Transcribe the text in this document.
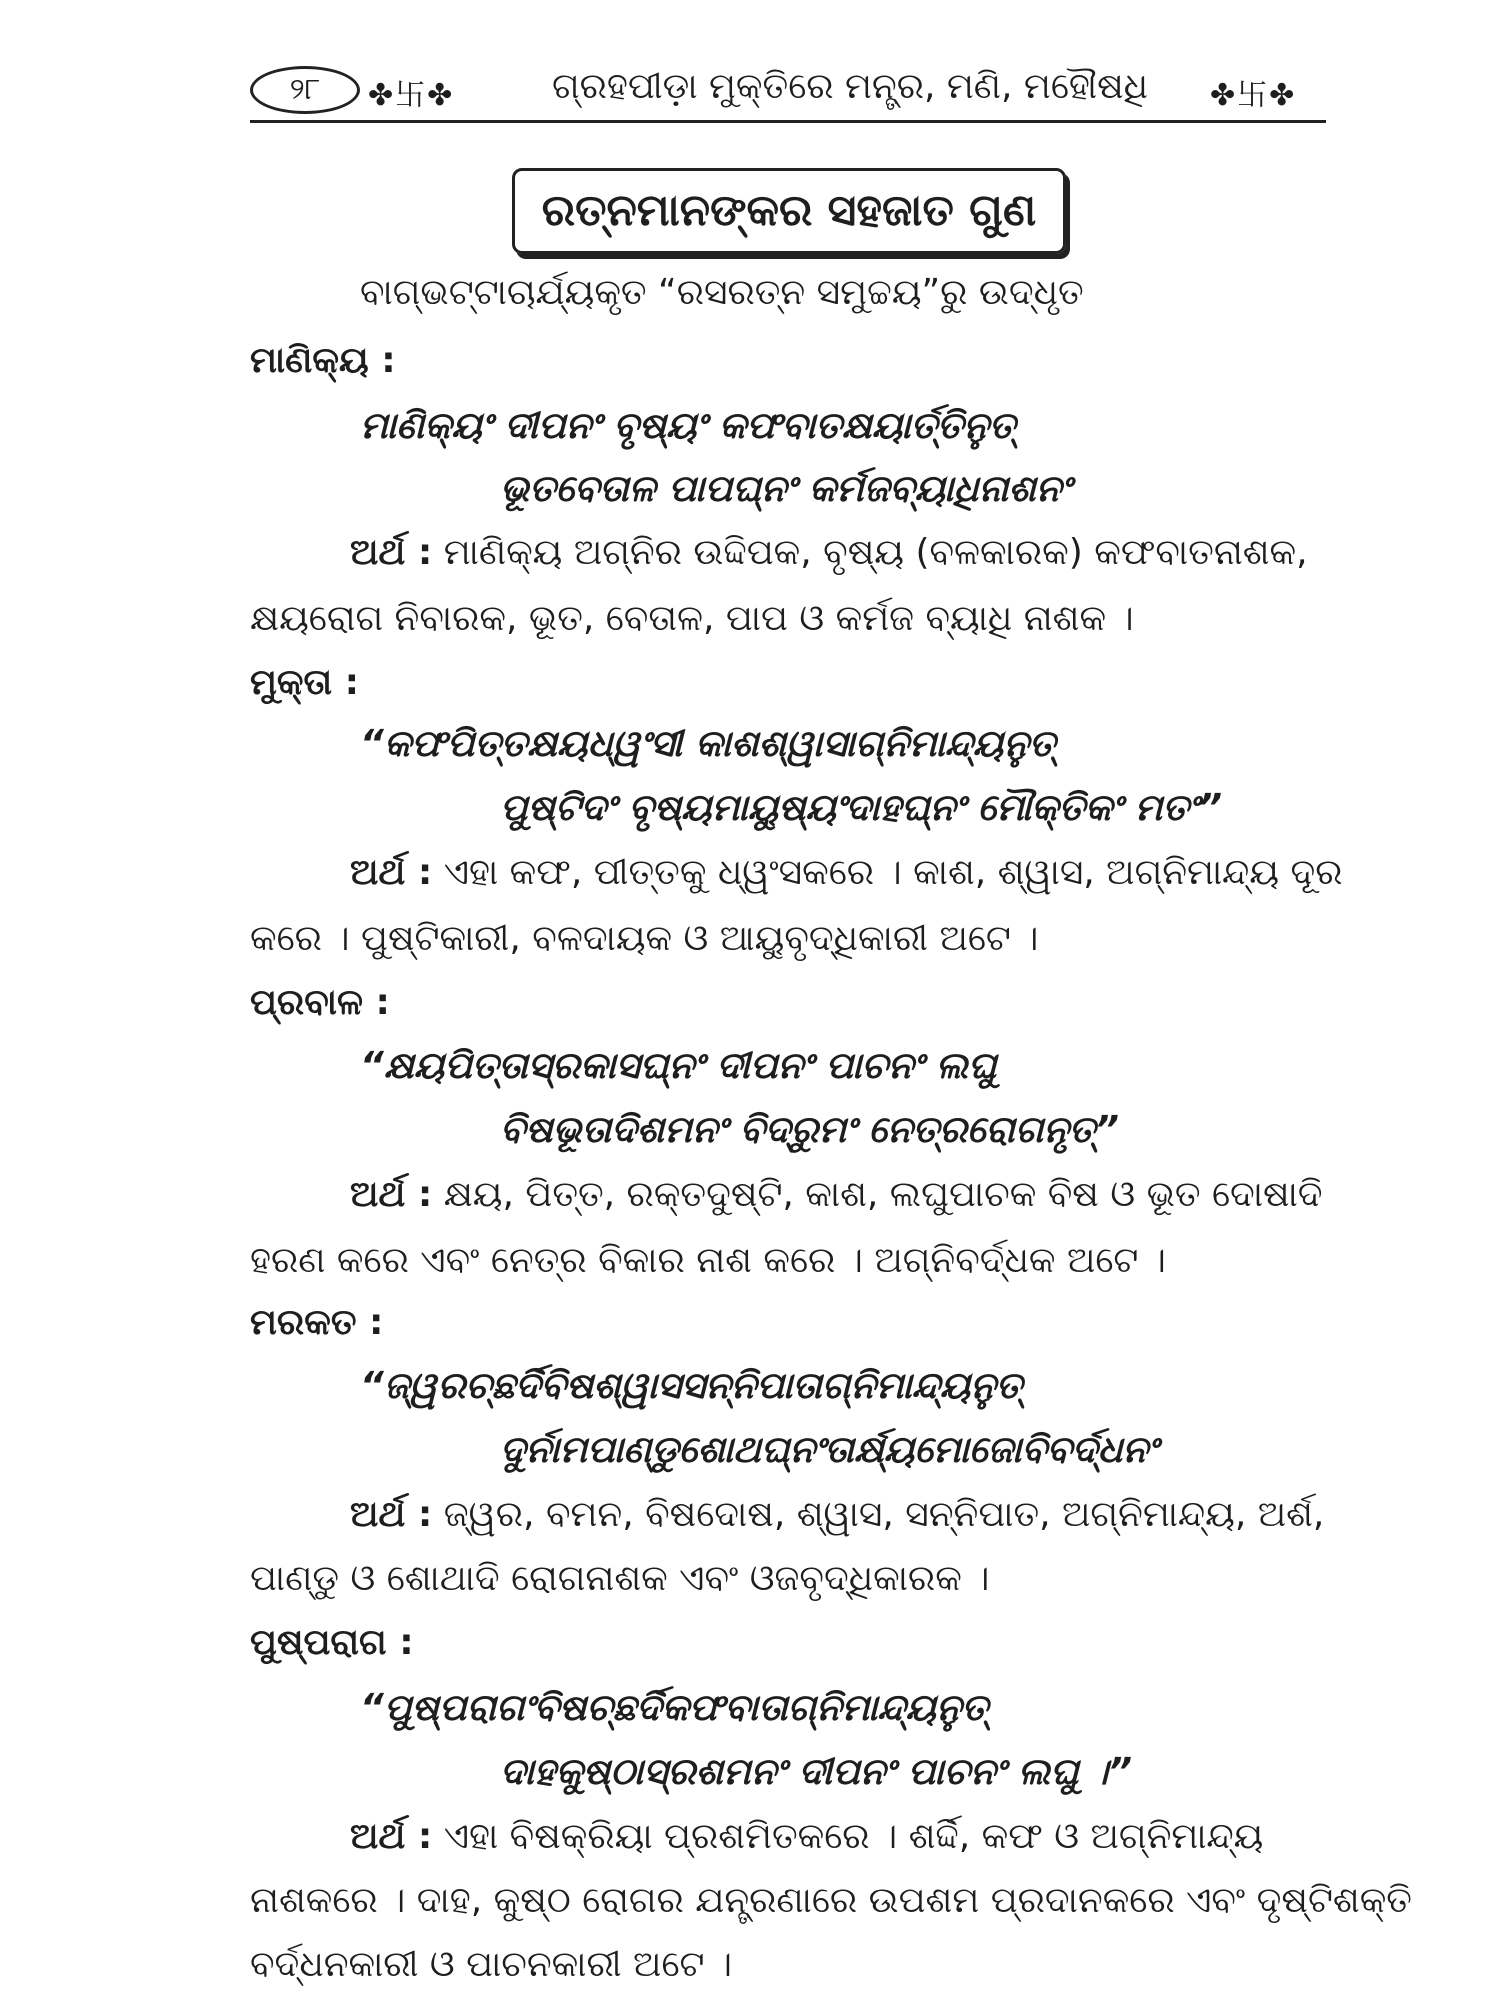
୨୮	✤卐✤	ଗ୍ରହପୀଡ଼ା ମୁକ୍ତିରେ ମନ୍ତ୍ର, ମଣି, ମହୌଷଧି	✤卐✤
ରତ୍ନମାନଙ୍କର ସହଜାତ ଗୁଣ
ବାଗ୍‌ଭଟ୍ଟାଚାର୍ଯ୍ୟକୃତ “ରସରତ୍ନ ସମୁଚ୍ଚୟ”ରୁ ଉଦ୍ଧୃତ
ମାଣିକ୍ୟ :
ମାଣିକ୍ୟଂ ଦୀପନଂ ବୃଷ୍ୟଂ କଫବାତକ୍ଷୟାର୍ତ୍ତିନୁତ୍
ଭୂତବେତାଳ ପାପଘ୍ନଂ କର୍ମଜବ୍ୟାଧିନାଶନଂ
ଅର୍ଥ : ମାଣିକ୍ୟ ଅଗ୍ନିର ଉଦ୍ଦିପକ, ବୃଷ୍ୟ (ବଳକାରକ) କଫବାତନାଶକ,
କ୍ଷୟରୋଗ ନିବାରକ, ଭୂତ, ବେତାଳ, ପାପ ଓ କର୍ମଜ ବ୍ୟାଧି ନାଶକ ।
ମୁକ୍ତା :
“କଫପିତ୍ତକ୍ଷୟଧ୍ୱଂସୀ କାଶଶ୍ୱାସାଗ୍ନିମାନ୍ଦ୍ୟନୁତ୍
ପୁଷ୍ଟିଦଂ ବୃଷ୍ୟମାୟୁଷ୍ୟଂଦାହଘ୍ନଂ ମୌକ୍ତିକଂ ମତଂ”
ଅର୍ଥ : ଏହା କଫ, ପୀତ୍ତକୁ ଧ୍ୱଂସକରେ । କାଶ, ଶ୍ୱାସ, ଅଗ୍ନିମାନ୍ଦ୍ୟ ଦୂର
କରେ । ପୁଷ୍ଟିକାରୀ, ବଳଦାୟକ ଓ ଆୟୁବୃଦ୍ଧିକାରୀ ଅଟେ ।
ପ୍ରବାଳ :
“କ୍ଷୟପିତ୍ତାସ୍ରକାସଘ୍ନଂ ଦୀପନଂ ପାଚନଂ ଲଘୁ
ବିଷଭୂତାଦିଶମନଂ ବିଦ୍ରୁମଂ ନେତ୍ରରୋଗନୃତ୍”
ଅର୍ଥ : କ୍ଷୟ, ପିତ୍ତ, ରକ୍ତଦୁଷ୍ଟି, କାଶ, ଲଘୁପାଚକ ବିଷ ଓ ଭୂତ ଦୋଷାଦି
ହରଣ କରେ ଏବଂ ନେତ୍ର ବିକାର ନାଶ କରେ । ଅଗ୍ନିବର୍ଦ୍ଧକ ଅଟେ ।
ମରକତ :
“ଜ୍ୱରଚ୍ଛର୍ଦିବିଷଶ୍ୱାସସନ୍ନିପାତାଗ୍ନିମାନ୍ଦ୍ୟନୁତ୍
ଦୁର୍ନାମପାଣ୍ଡୁଶୋଥଘ୍ନଂତାର୍କ୍ଷ୍ୟମୋଜୋବିବର୍ଦ୍ଧନଂ
ଅର୍ଥ : ଜ୍ୱର, ବମନ, ବିଷଦୋଷ, ଶ୍ୱାସ, ସନ୍ନିପାତ, ଅଗ୍ନିମାନ୍ଦ୍ୟ, ଅର୍ଶ,
ପାଣ୍ଡୁ ଓ ଶୋଥାଦି ରୋଗନାଶକ ଏବଂ ଓଜବୃଦ୍ଧିକାରକ ।
ପୁଷ୍ପରାଗ :
“ପୁଷ୍ପରାଗଂବିଷଚ୍ଛର୍ଦିକଫବାତାଗ୍ନିମାନ୍ଦ୍ୟନୁତ୍
ଦାହକୁଷ୍ଠାସ୍ରଶମନଂ ଦୀପନଂ ପାଚନଂ ଲଘୁ ।”
ଅର୍ଥ : ଏହା ବିଷକ୍ରିୟା ପ୍ରଶମିତକରେ । ଶର୍ଦ୍ଦି, କଫ ଓ ଅଗ୍ନିମାନ୍ଦ୍ୟ
ନାଶକରେ । ଦାହ, କୁଷ୍ଠ ରୋଗର ଯନ୍ତ୍ରଣାରେ ଉପଶମ ପ୍ରଦାନକରେ ଏବଂ ଦୃଷ୍ଟିଶକ୍ତି
ବର୍ଦ୍ଧନକାରୀ ଓ ପାଚନକାରୀ ଅଟେ ।
